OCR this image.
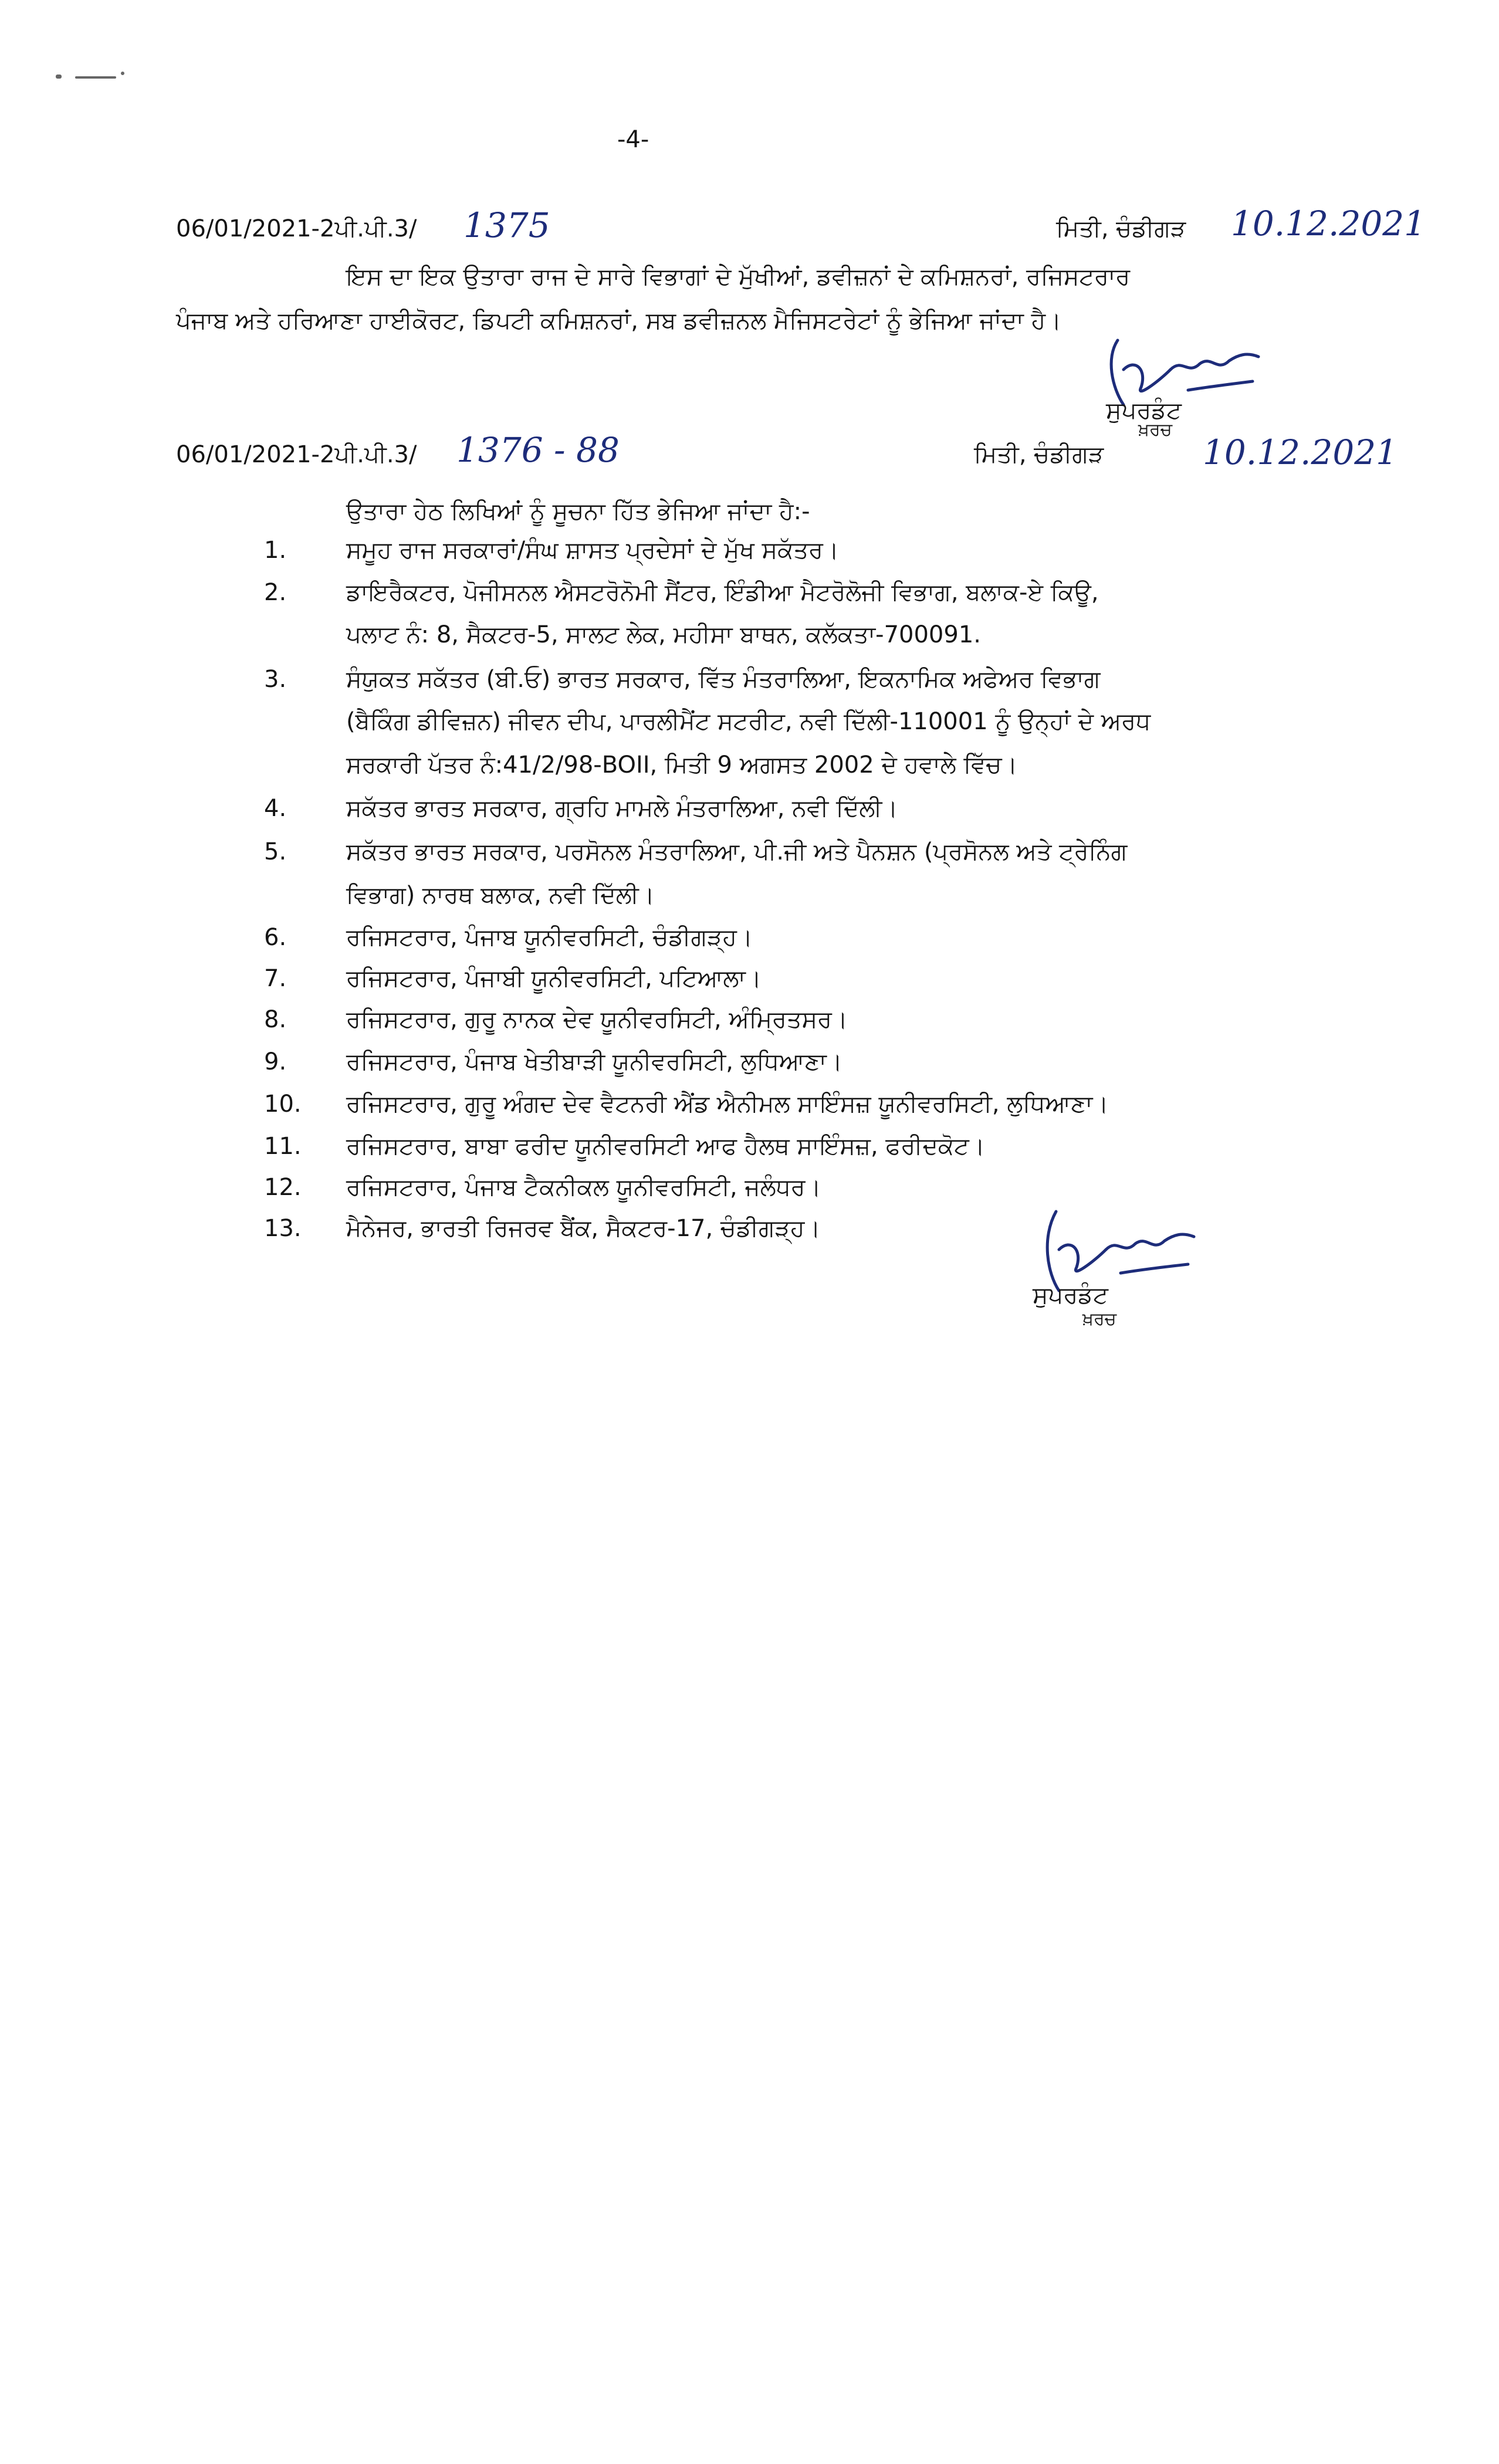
-4-
06/01/2021-2ਪੀ.ਪੀ.3/ 1375	ਮਿਤੀ, ਚੰਡੀਗੜ 10.12.2021
ਇਸ ਦਾ ਇਕ ਉਤਾਰਾ ਰਾਜ ਦੇ ਸਾਰੇ ਵਿਭਾਗਾਂ ਦੇ ਮੁੱਖੀਆਂ, ਡਵੀਜ਼ਨਾਂ ਦੇ ਕਮਿਸ਼ਨਰਾਂ, ਰਜਿਸਟਰਾਰ
ਪੰਜਾਬ ਅਤੇ ਹਰਿਆਣਾ ਹਾਈਕੋਰਟ, ਡਿਪਟੀ ਕਮਿਸ਼ਨਰਾਂ, ਸਬ ਡਵੀਜ਼ਨਲ ਮੈਜਿਸਟਰੇਟਾਂ ਨੂੰ ਭੇਜਿਆ ਜਾਂਦਾ ਹੈ।
ਸੁਪਰਡੰਟ
ਖ਼ਰਚ
06/01/2021-2ਪੀ.ਪੀ.3/ 1376 - 88	ਮਿਤੀ, ਚੰਡੀਗੜ	10.12.2021
ਉਤਾਰਾ ਹੇਠ ਲਿਖਿਆਂ ਨੂੰ ਸੂਚਨਾ ਹਿੱਤ ਭੇਜਿਆ ਜਾਂਦਾ ਹੈ:-
1.	ਸਮੂਹ ਰਾਜ ਸਰਕਾਰਾਂ/ਸੰਘ ਸ਼ਾਸਤ ਪ੍ਰਦੇਸਾਂ ਦੇ ਮੁੱਖ ਸਕੱਤਰ।
2.	ਡਾਇਰੈਕਟਰ, ਪੋਜੀਸਨਲ ਐਸਟਰੋਨੋਮੀ ਸੈਂਟਰ, ਇੰਡੀਆ ਮੈਟਰੋਲੋਜੀ ਵਿਭਾਗ, ਬਲਾਕ-ਏ ਕਿਊ,
ਪਲਾਟ ਨੰ: 8, ਸੈਕਟਰ-5, ਸਾਲਟ ਲੇਕ, ਮਹੀਸਾ ਬਾਥਨ, ਕਲੱਕਤਾ-700091.
3.	ਸੰਯੁਕਤ ਸਕੱਤਰ (ਬੀ.ਓ) ਭਾਰਤ ਸਰਕਾਰ, ਵਿੱਤ ਮੰਤਰਾਲਿਆ, ਇਕਨਾਮਿਕ ਅਫੇਅਰ ਵਿਭਾਗ
(ਬੈਕਿੰਗ ਡੀਵਿਜ਼ਨ) ਜੀਵਨ ਦੀਪ, ਪਾਰਲੀਮੈਂਟ ਸਟਰੀਟ, ਨਵੀ ਦਿੱਲੀ-110001 ਨੂੰ ਉਨ੍ਹਾਂ ਦੇ ਅਰਧ
ਸਰਕਾਰੀ ਪੱਤਰ ਨੰ:41/2/98-BOII, ਮਿਤੀ 9 ਅਗਸਤ 2002 ਦੇ ਹਵਾਲੇ ਵਿੱਚ।
4.	ਸਕੱਤਰ ਭਾਰਤ ਸਰਕਾਰ, ਗ੍ਰਹਿ ਮਾਮਲੇ ਮੰਤਰਾਲਿਆ, ਨਵੀ ਦਿੱਲੀ।
5.	ਸਕੱਤਰ ਭਾਰਤ ਸਰਕਾਰ, ਪਰਸੋਨਲ ਮੰਤਰਾਲਿਆ, ਪੀ.ਜੀ ਅਤੇ ਪੈਨਸ਼ਨ (ਪ੍ਰਸੋਨਲ ਅਤੇ ਟ੍ਰੇਨਿੰਗ
ਵਿਭਾਗ) ਨਾਰਥ ਬਲਾਕ, ਨਵੀ ਦਿੱਲੀ।
6.	ਰਜਿਸਟਰਾਰ, ਪੰਜਾਬ ਯੂਨੀਵਰਸਿਟੀ, ਚੰਡੀਗੜ੍ਹ।
7.	ਰਜਿਸਟਰਾਰ, ਪੰਜਾਬੀ ਯੂਨੀਵਰਸਿਟੀ, ਪਟਿਆਲਾ।
8.	ਰਜਿਸਟਰਾਰ, ਗੁਰੂ ਨਾਨਕ ਦੇਵ ਯੂਨੀਵਰਸਿਟੀ, ਅੰਮ੍ਰਿਤਸਰ।
9.	ਰਜਿਸਟਰਾਰ, ਪੰਜਾਬ ਖੇਤੀਬਾੜੀ ਯੂਨੀਵਰਸਿਟੀ, ਲੁਧਿਆਣਾ।
10.	ਰਜਿਸਟਰਾਰ, ਗੁਰੂ ਅੰਗਦ ਦੇਵ ਵੈਟਨਰੀ ਐਂਡ ਐਨੀਮਲ ਸਾਇੰਸਜ਼ ਯੂਨੀਵਰਸਿਟੀ, ਲੁਧਿਆਣਾ।
11.	ਰਜਿਸਟਰਾਰ, ਬਾਬਾ ਫਰੀਦ ਯੂਨੀਵਰਸਿਟੀ ਆਫ ਹੈਲਥ ਸਾਇੰਸਜ਼, ਫਰੀਦਕੋਟ।
12.	ਰਜਿਸਟਰਾਰ, ਪੰਜਾਬ ਟੈਕਨੀਕਲ ਯੂਨੀਵਰਸਿਟੀ, ਜਲੰਧਰ।
13.	ਮੈਨੇਜਰ, ਭਾਰਤੀ ਰਿਜਰਵ ਬੈਂਕ, ਸੈਕਟਰ-17, ਚੰਡੀਗੜ੍ਹ।
ਸੁਪਰਡੰਟ
ਖ਼ਰਚ
